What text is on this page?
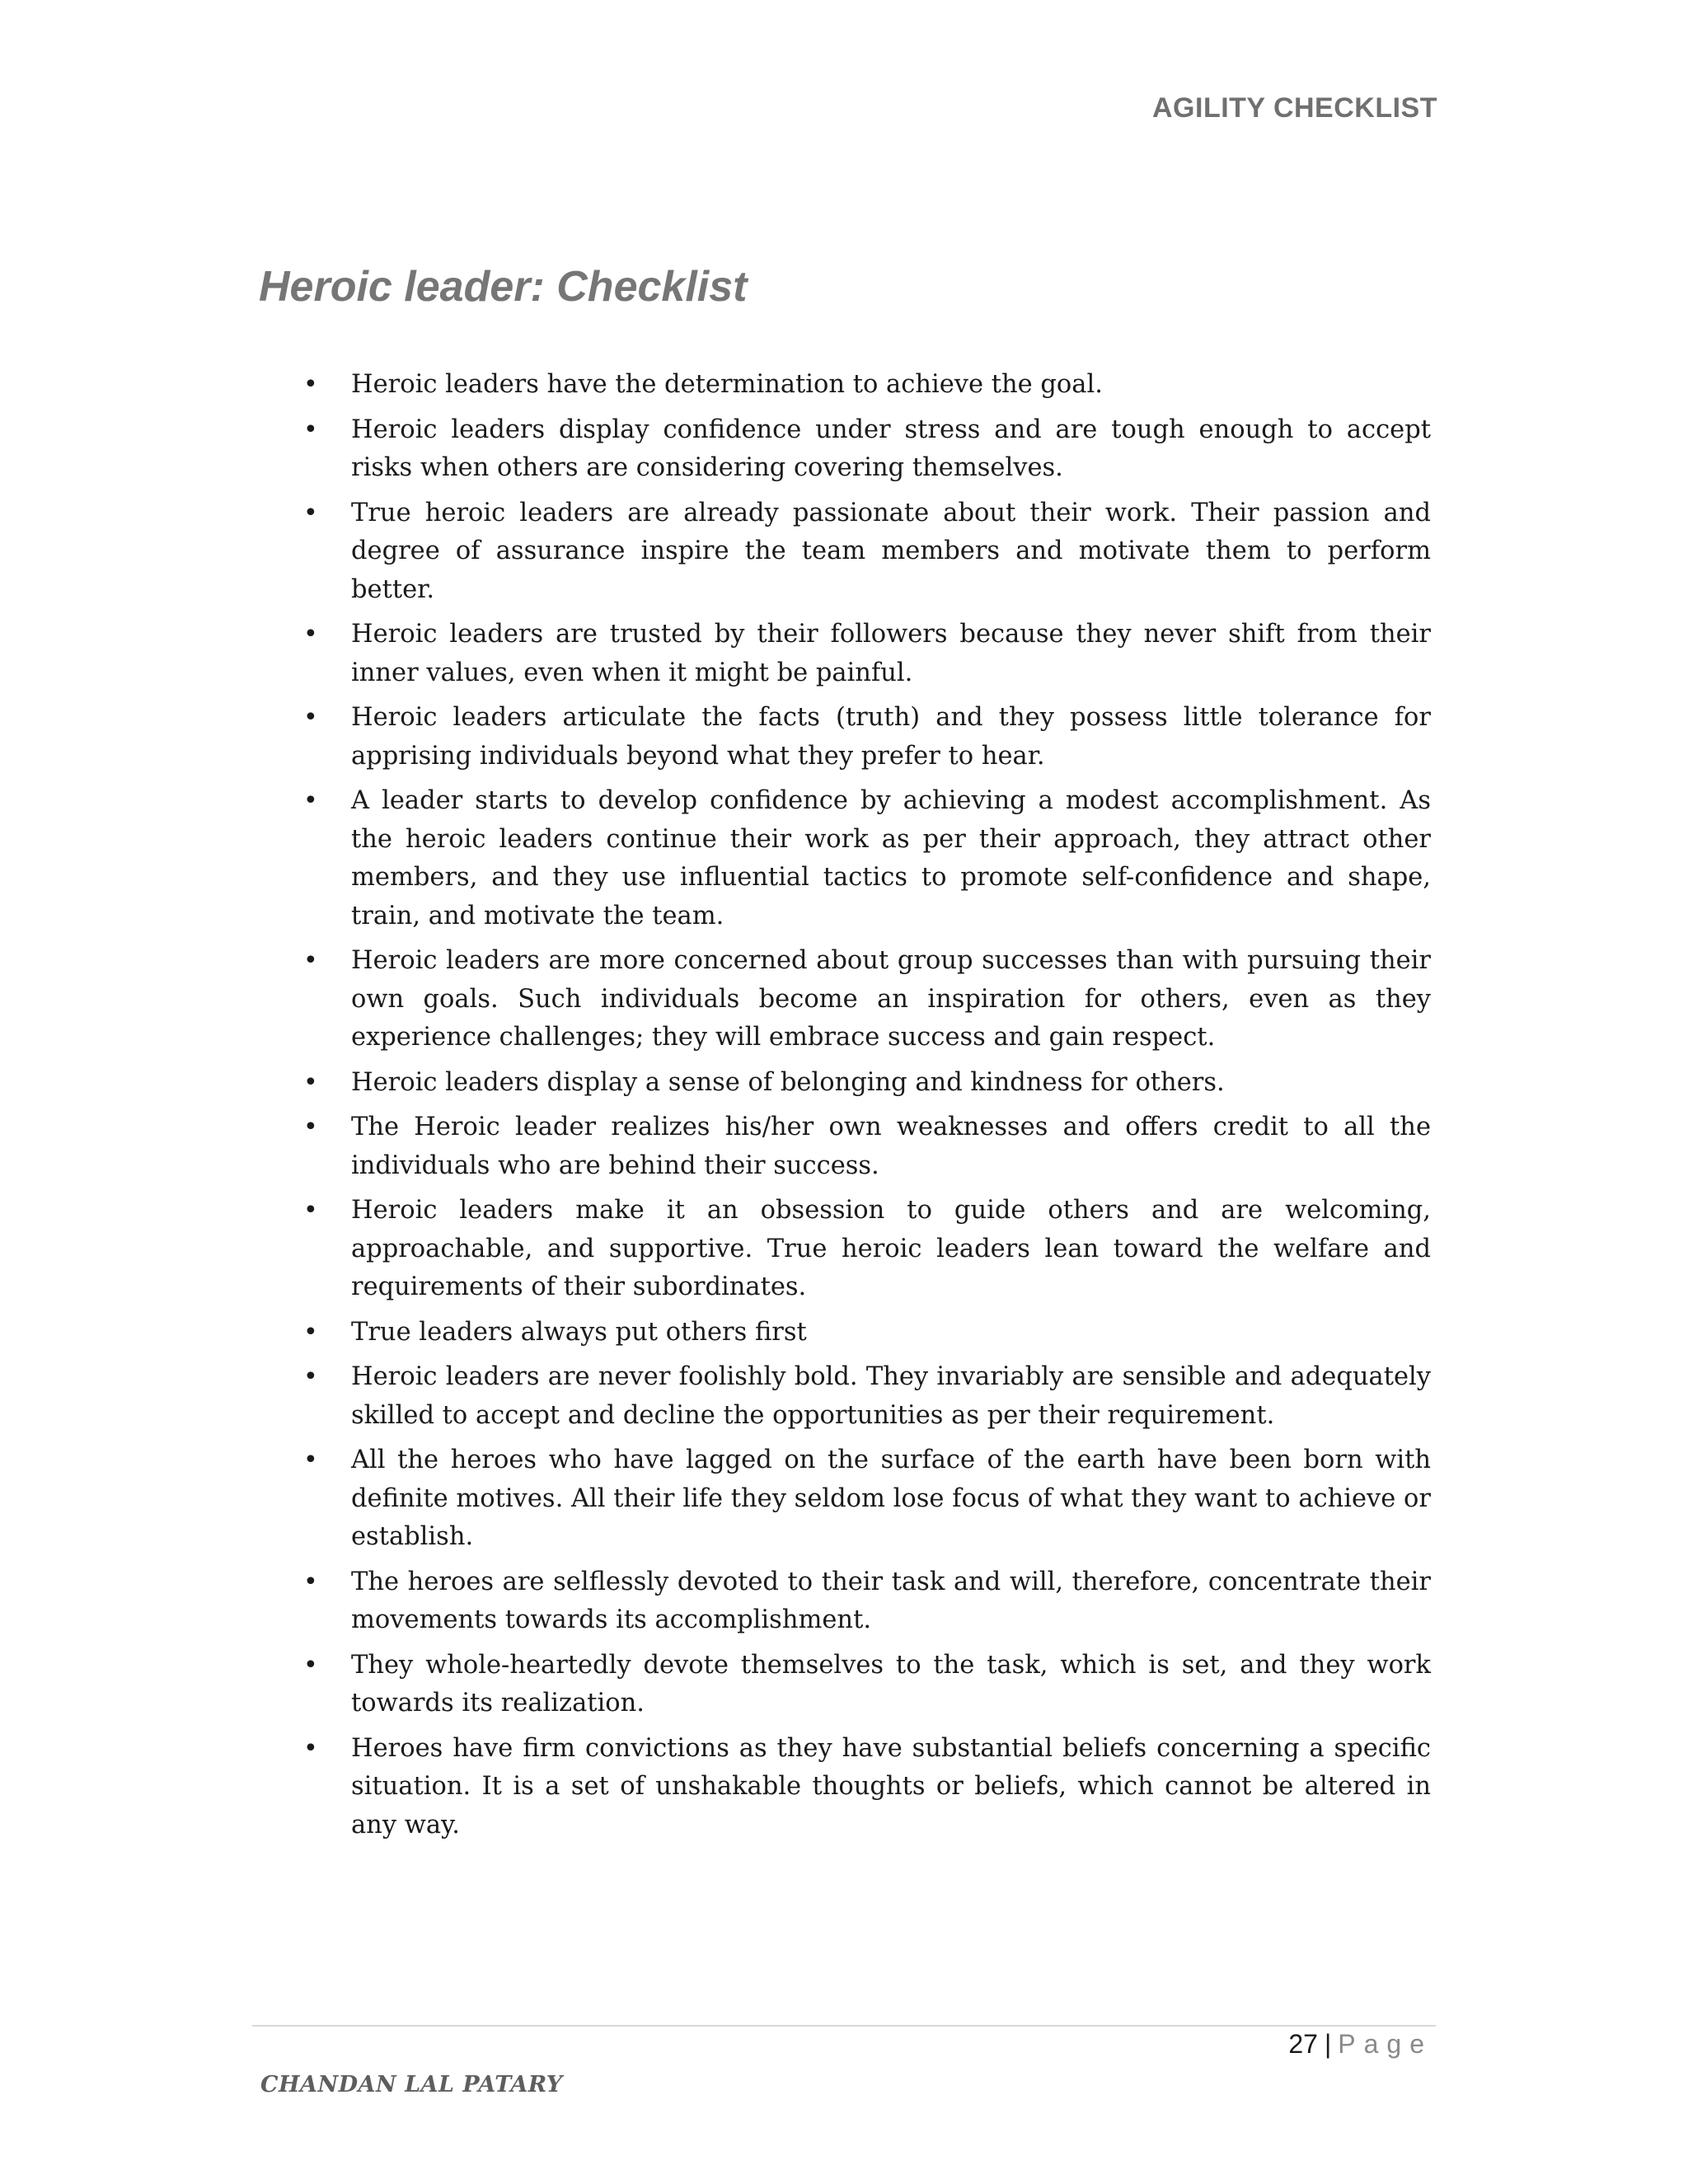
AGILITY CHECKLIST
Heroic leader: Checklist
• Heroic leaders have the determination to achieve the goal.
• Heroic leaders display confidence under stress and are tough enough to accept risks when others are considering covering themselves.
• True heroic leaders are already passionate about their work. Their passion and degree of assurance inspire the team members and motivate them to perform better.
• Heroic leaders are trusted by their followers because they never shift from their inner values, even when it might be painful.
• Heroic leaders articulate the facts (truth) and they possess little tolerance for apprising individuals beyond what they prefer to hear.
• A leader starts to develop confidence by achieving a modest accomplishment. As the heroic leaders continue their work as per their approach, they attract other members, and they use influential tactics to promote self-confidence and shape, train, and motivate the team.
• Heroic leaders are more concerned about group successes than with pursuing their own goals. Such individuals become an inspiration for others, even as they experience challenges; they will embrace success and gain respect.
• Heroic leaders display a sense of belonging and kindness for others.
• The Heroic leader realizes his/her own weaknesses and offers credit to all the individuals who are behind their success.
• Heroic leaders make it an obsession to guide others and are welcoming, approachable, and supportive. True heroic leaders lean toward the welfare and requirements of their subordinates.
• True leaders always put others first
• Heroic leaders are never foolishly bold. They invariably are sensible and adequately skilled to accept and decline the opportunities as per their requirement.
• All the heroes who have lagged on the surface of the earth have been born with definite motives. All their life they seldom lose focus of what they want to achieve or establish.
• The heroes are selflessly devoted to their task and will, therefore, concentrate their movements towards its accomplishment.
• They whole-heartedly devote themselves to the task, which is set, and they work towards its realization.
• Heroes have firm convictions as they have substantial beliefs concerning a specific situation. It is a set of unshakable thoughts or beliefs, which cannot be altered in any way.
27 | Page
CHANDAN LAL PATARY
